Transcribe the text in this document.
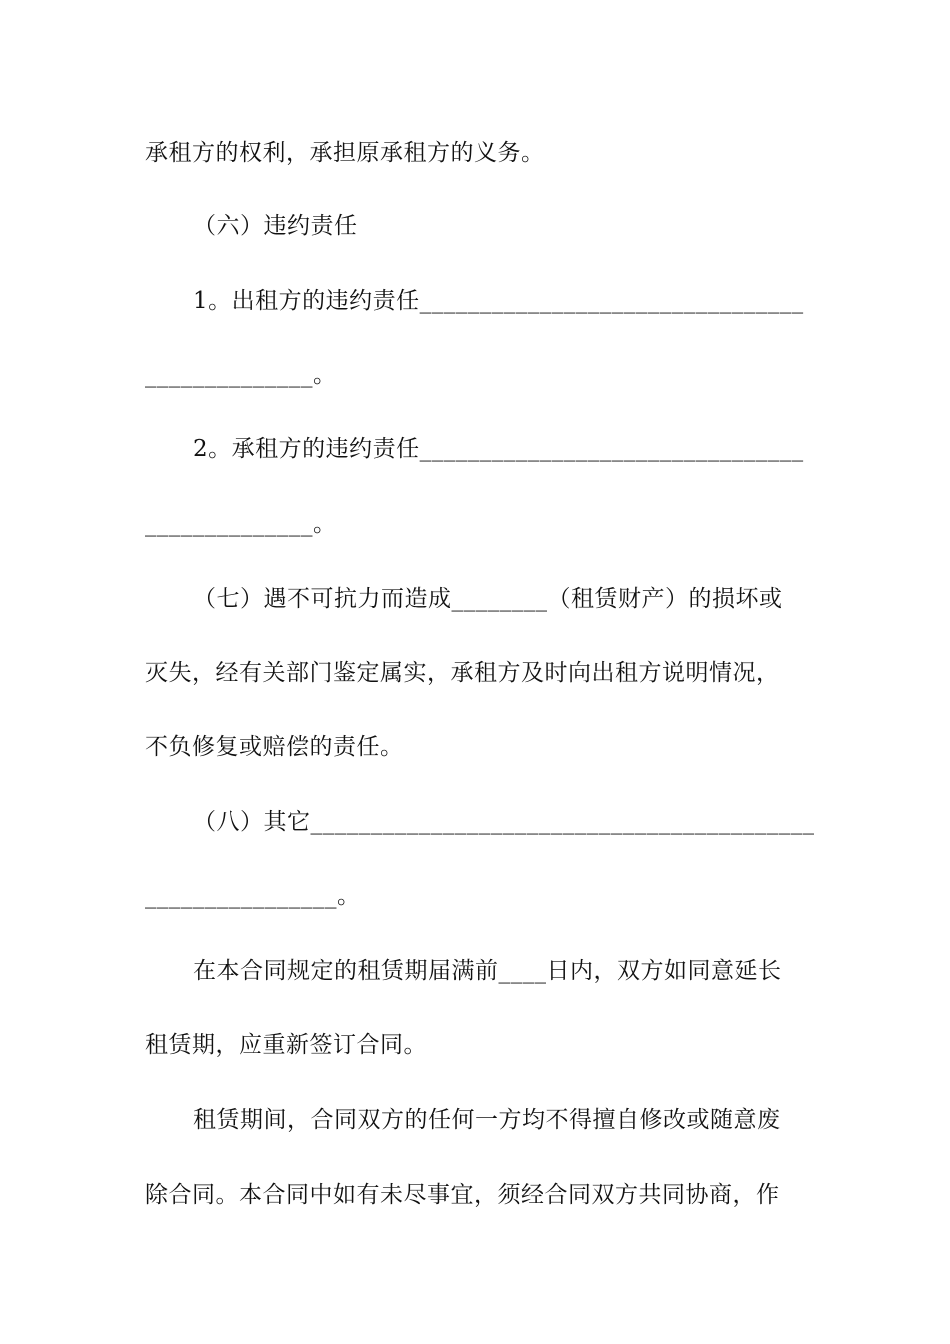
承租方的权利，承担原承租方的义务。
（六）违约责任
1。出租方的违约责任________________________________
______________。
2。承租方的违约责任________________________________
______________。
（七）遇不可抗力而造成________（租赁财产）的损坏或
灭失，经有关部门鉴定属实，承租方及时向出租方说明情况，
不负修复或赔偿的责任。
（八）其它__________________________________________
________________。
在本合同规定的租赁期届满前____日内，双方如同意延长
租赁期，应重新签订合同。
租赁期间，合同双方的任何一方均不得擅自修改或随意废
除合同。本合同中如有未尽事宜，须经合同双方共同协商，作
